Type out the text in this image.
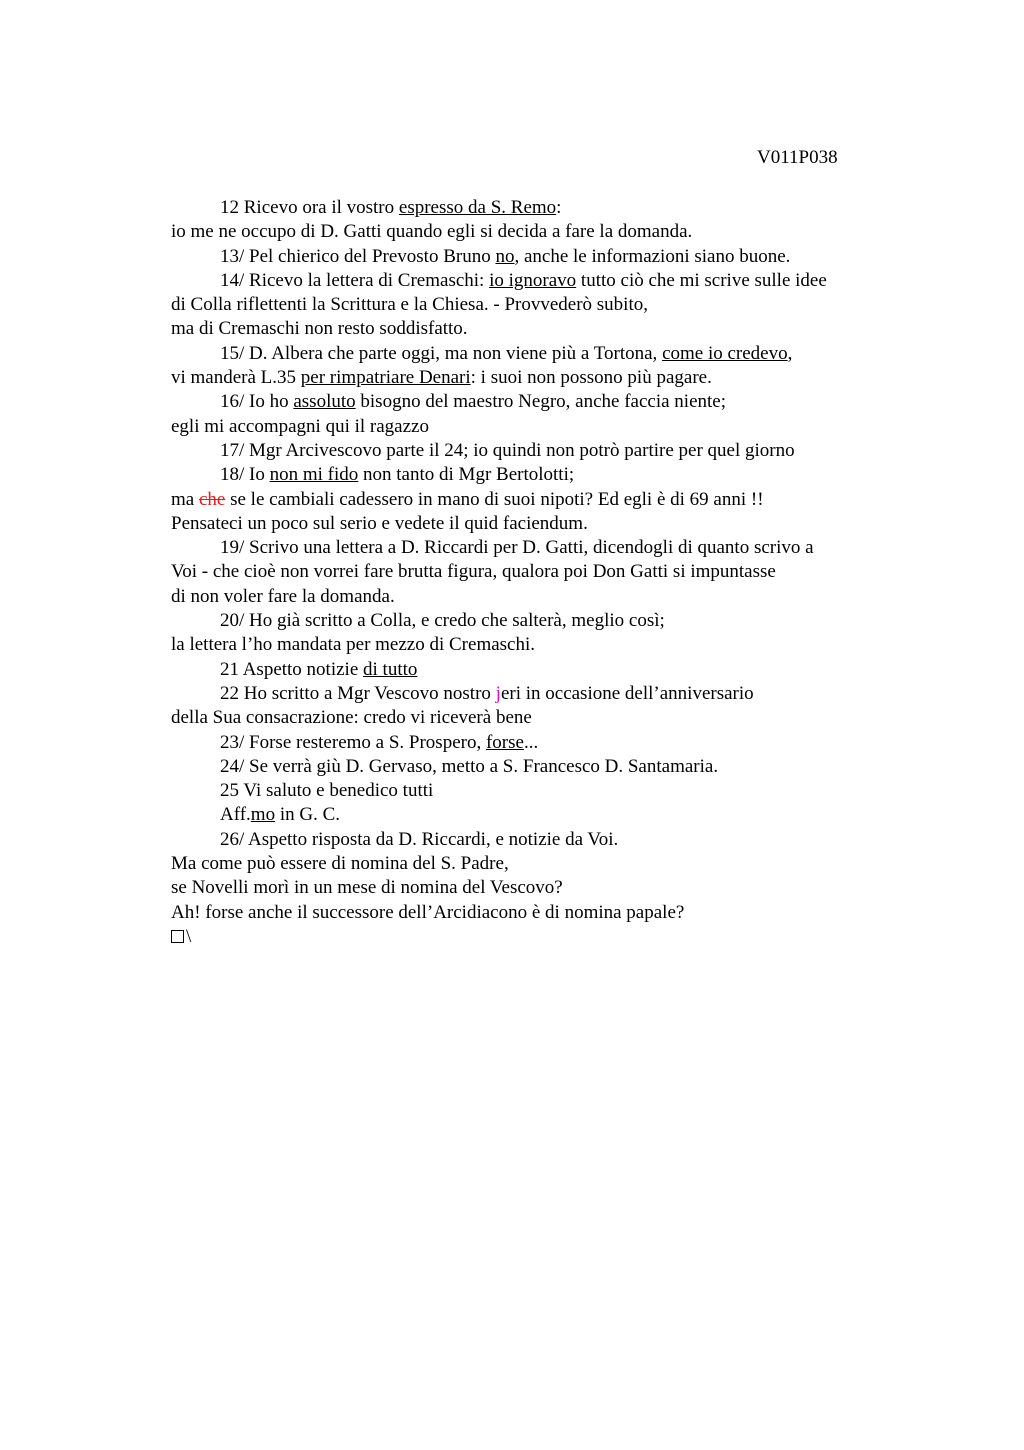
V011P038
12 Ricevo ora il vostro espresso da S. Remo:
io me ne occupo di D. Gatti quando egli si decida a fare la domanda.
13/ Pel chierico del Prevosto Bruno no, anche le informazioni siano buone.
14/ Ricevo la lettera di Cremaschi: io ignoravo tutto ciò che mi scrive sulle idee
di Colla riflettenti la Scrittura e la Chiesa. - Provvederò subito,
ma di Cremaschi non resto soddisfatto.
15/ D. Albera che parte oggi, ma non viene più a Tortona, come io credevo,
vi manderà L.35 per rimpatriare Denari: i suoi non possono più pagare.
16/ Io ho assoluto bisogno del maestro Negro, anche faccia niente;
egli mi accompagni qui il ragazzo
17/ Mgr Arcivescovo parte il 24; io quindi non potrò partire per quel giorno
18/ Io non mi fido non tanto di Mgr Bertolotti;
ma che se le cambiali cadessero in mano di suoi nipoti? Ed egli è di 69 anni !!
Pensateci un poco sul serio e vedete il quid faciendum.
19/ Scrivo una lettera a D. Riccardi per D. Gatti, dicendogli di quanto scrivo a
Voi - che cioè non vorrei fare brutta figura, qualora poi Don Gatti si impuntasse
di non voler fare la domanda.
20/ Ho già scritto a Colla, e credo che salterà, meglio così;
la lettera l’ho mandata per mezzo di Cremaschi.
21 Aspetto notizie di tutto
22 Ho scritto a Mgr Vescovo nostro jeri in occasione dell’anniversario
della Sua consacrazione: credo vi riceverà bene
23/ Forse resteremo a S. Prospero, forse...
24/ Se verrà giù D. Gervaso, metto a S. Francesco D. Santamaria.
25 Vi saluto e benedico tutti
Aff.mo in G. C.
26/ Aspetto risposta da D. Riccardi, e notizie da Voi.
Ma come può essere di nomina del S. Padre,
se Novelli morì in un mese di nomina del Vescovo?
Ah! forse anche il successore dell’Arcidiacono è di nomina papale?
\
